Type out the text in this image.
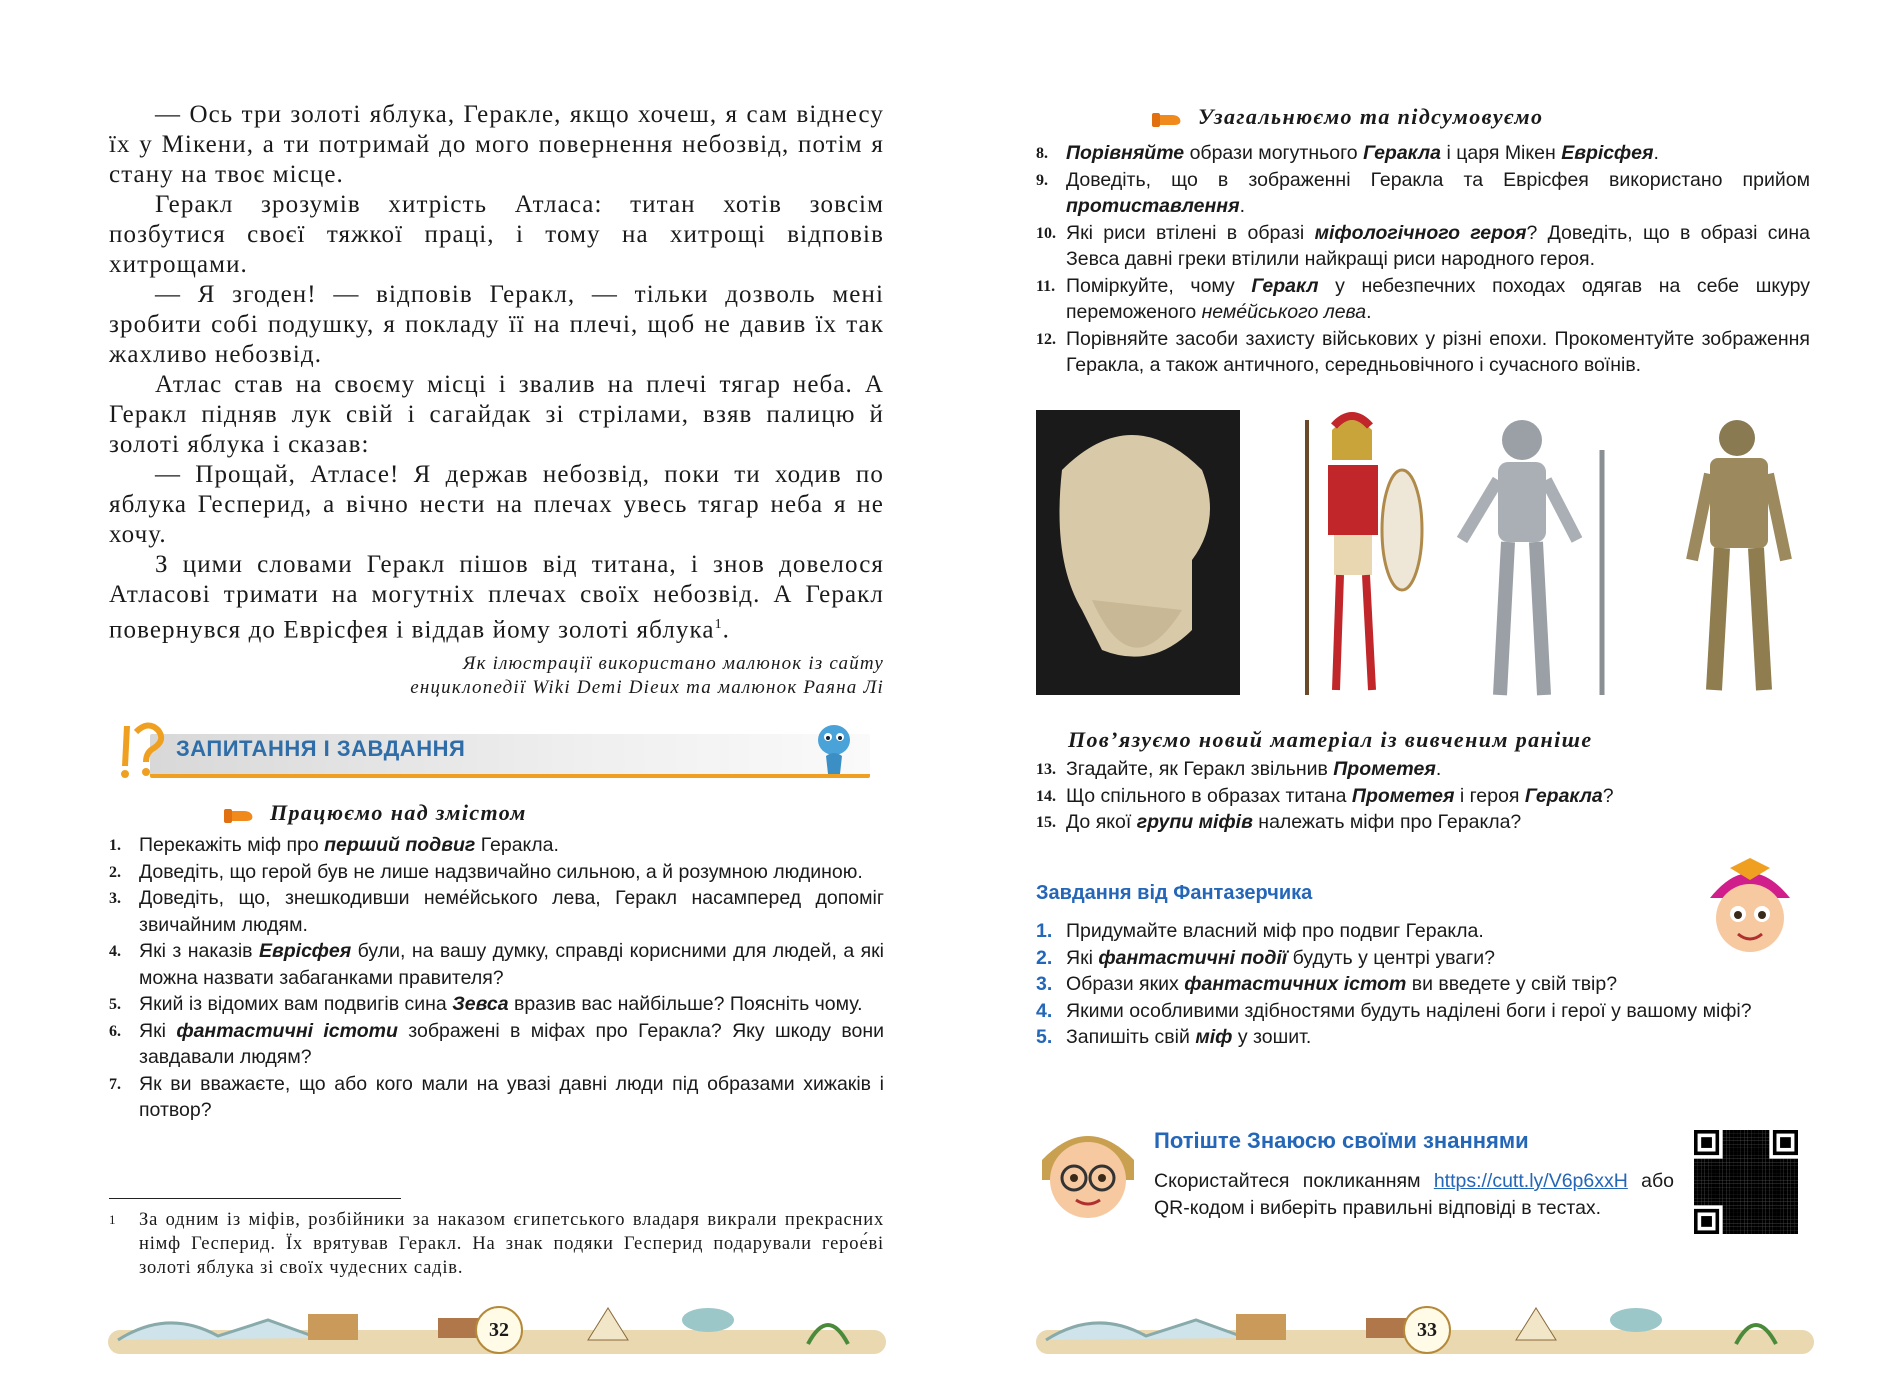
— Ось три золоті яблука, Геракле, якщо хочеш, я сам віднесу їх у Мікени, а ти потримай до мого повернення небозвід, потім я стану на твоє місце.

Геракл зрозумів хитрість Атласа: титан хотів зовсім позбутися своєї тяжкої праці, і тому на хитрощі відповів хитрощами.

— Я згоден! — відповів Геракл, — тільки дозволь мені зробити собі подушку, я покладу її на плечі, щоб не давив їх так жахливо небозвід.

Атлас став на своєму місці і звалив на плечі тягар неба. А Геракл підняв лук свій і сагайдак зі стрілами, взяв палицю й золоті яблука і сказав:

— Прощай, Атласе! Я держав небозвід, поки ти ходив по яблука Гесперид, а вічно нести на плечах увесь тягар неба я не хочу.

З цими словами Геракл пішов від титана, і знов довелося Атласові тримати на могутніх плечах своїх небозвід. А Геракл повернувся до Еврісфея і віддав йому золоті яблука$^1$.

Як ілюстрації використано малюнок із сайту
енциклопедії Wiki Demi Dieux та малюнок Раяна Лі
ЗАПИТАННЯ І ЗАВДАННЯ
Працюємо над змістом
1. Перекажіть міф про перший подвиг Геракла.
2. Доведіть, що герой був не лише надзвичайно сильною, а й розумною людиною.
3. Доведіть, що, знешкодивши неме́йського лева, Геракл насамперед допоміг звичайним людям.
4. Які з наказів Еврісфея були, на вашу думку, справді корисними для людей, а які можна назвати забаганками правителя?
5. Який із відомих вам подвигів сина Зевса вразив вас найбільше? Поясніть чому.
6. Які фантастичні істоти зображені в міфах про Геракла? Яку шкоду вони завдавали людям?
7. Як ви вважаєте, що або кого мали на увазі давні люди під образами хижаків і потвор?
1	За одним із міфів, розбійники за наказом єгипетського владаря викрали прекрасних німф Гесперид. Їх врятував Геракл. На знак подяки Гесперид подарували герое́ві золоті яблука зі своїх чудесних садів.
32
Узагальнюємо та підсумовуємо
8. Порівняйте образи могутнього Геракла і царя Мікен Еврісфея.
9. Доведіть, що в зображенні Геракла та Еврісфея використано прийом протиставлення.
10. Які риси втілені в образі міфологічного героя? Доведіть, що в образі сина Зевса давні греки втілили найкращі риси народного героя.
11. Поміркуйте, чому Геракл у небезпечних походах одягав на себе шкуру переможеного неме́йського лева.
12. Порівняйте засоби захисту військових у різні епохи. Прокоментуйте зображення Геракла, а також античного, середньовічного і сучасного воїнів.
Пов’язуємо новий матеріал із вивченим раніше
13. Згадайте, як Геракл звільнив Прометея.
14. Що спільного в образах титана Прометея і героя Геракла?
15. До якої групи міфів належать міфи про Геракла?
Завдання від Фантазерчика
1. Придумайте власний міф про подвиг Геракла.
2. Які фантастичні події будуть у центрі уваги?
3. Образи яких фантастичних істот ви введете у свій твір?
4. Якими особливими здібностями будуть наділені боги і герої у вашому міфі?
5. Запишіть свій міф у зошит.
Потіште Знаюсю своїми знаннями
Скористайтеся покликанням https://cutt.ly/V6p6xxH або QR-кодом і виберіть правильні відповіді в тестах.
33
